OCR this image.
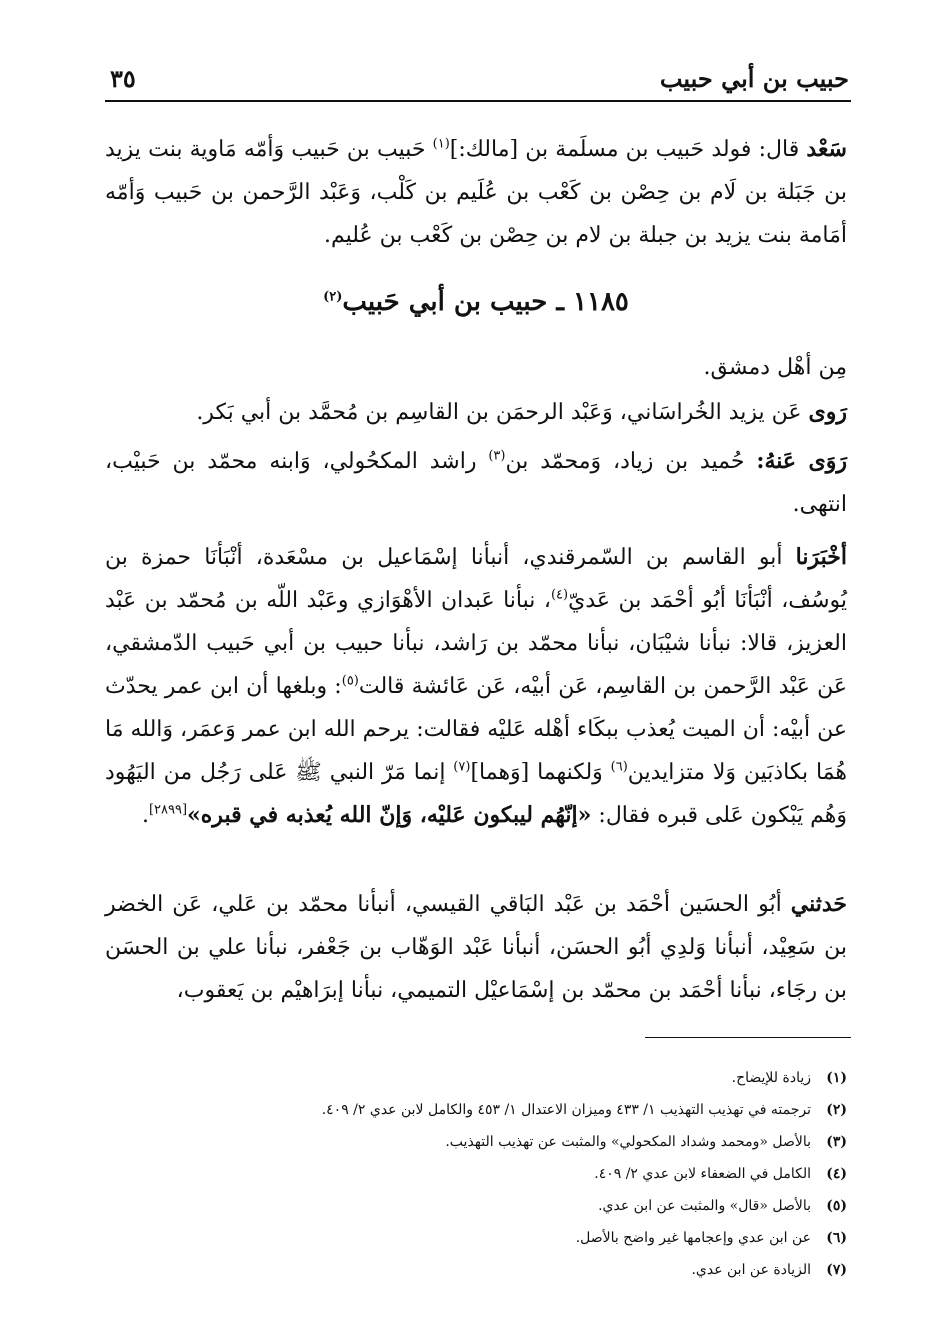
حبيب بن أبي حبيب
٣٥
سَعْد قال: فولد حَبيب بن مسلَمة بن [مالك:]$^{(١)}$ حَبيب بن حَبيب وَأمّه مَاوية بنت يزيد بن جَبَلة بن لَام بن حِصْن بن كَعْب بن عُلَيم بن كَلْب، وَعَبْد الرَّحمن بن حَبيب وَأمّه أمَامة بنت يزيد بن جبلة بن لام بن حِصْن بن كَعْب بن عُليم.
١١٨٥ ـ حبيب بن أبي حَبيب$^{(٢)}$
مِن أهْل دمشق.
رَوى عَن يزيد الخُراسَاني، وَعَبْد الرحمَن بن القاسِم بن مُحمَّد بن أبي بَكر.
رَوَى عَنهُ: حُميد بن زياد، وَمحمّد بن$^{(٣)}$ راشد المكحُولي، وَابنه محمّد بن حَبيْب، انتهى.
أخْبَرَنا أبو القاسم بن السّمرقندي، أنبأنا إسْمَاعيل بن مسْعَدة، أنْبَأنَا حمزة بن يُوسُف، أنْبَأنَا أبُو أحْمَد بن عَديّ$^{(٤)}$، نبأنا عَبدان الأهْوَازي وعَبْد اللّه بن مُحمّد بن عَبْد العزيز، قالا: نبأنا شيْبَان، نبأنا محمّد بن رَاشد، نبأنا حبيب بن أبي حَبيب الدّمشقي، عَن عَبْد الرَّحمن بن القاسِم، عَن أبيْه، عَن عَائشة قالت$^{(٥)}$: وبلغها أن ابن عمر يحدّث عن أبيْه: أن الميت يُعذب ببكَاء أهْله عَليْه فقالت: يرحم الله ابن عمر وَعمَر، وَالله مَا هُمَا بكاذبَين وَلا متزايدين$^{(٦)}$ وَلكنهما [وَهما]$^{(٧)}$ إنما مَرّ النبي ﷺ عَلى رَجُل من اليَهُود وَهُم يَبْكون عَلى قبره فقال: «إنّهُم ليبكون عَليْه، وَإنّ الله يُعذبه في قبره»[٢٨٩٩].
حَدثني أبُو الحسَين أحْمَد بن عَبْد البَاقي القيسي، أنبأنا محمّد بن عَلي، عَن الخضر بن سَعِيْد، أنبأنا وَلدِي أبُو الحسَن، أنبأنا عَبْد الوَهّاب بن جَعْفر، نبأنا علي بن الحسَن بن رجَاء، نبأنا أحْمَد بن محمّد بن إسْمَاعيْل التميمي، نبأنا إبرَاهيْم بن يَعقوب،
(١)زيادة للإيضاح.
(٢)ترجمته في تهذيب التهذيب ١/ ٤٣٣ وميزان الاعتدال ١/ ٤٥٣ والكامل لابن عدي ٢/ ٤٠٩.
(٣)بالأصل «ومحمد وشداد المكحولي» والمثبت عن تهذيب التهذيب.
(٤)الكامل في الضعفاء لابن عدي ٢/ ٤٠٩.
(٥)بالأصل «قال» والمثبت عن ابن عدي.
(٦)عن ابن عدي وإعجامها غير واضح بالأصل.
(٧)الزيادة عن ابن عدي.
